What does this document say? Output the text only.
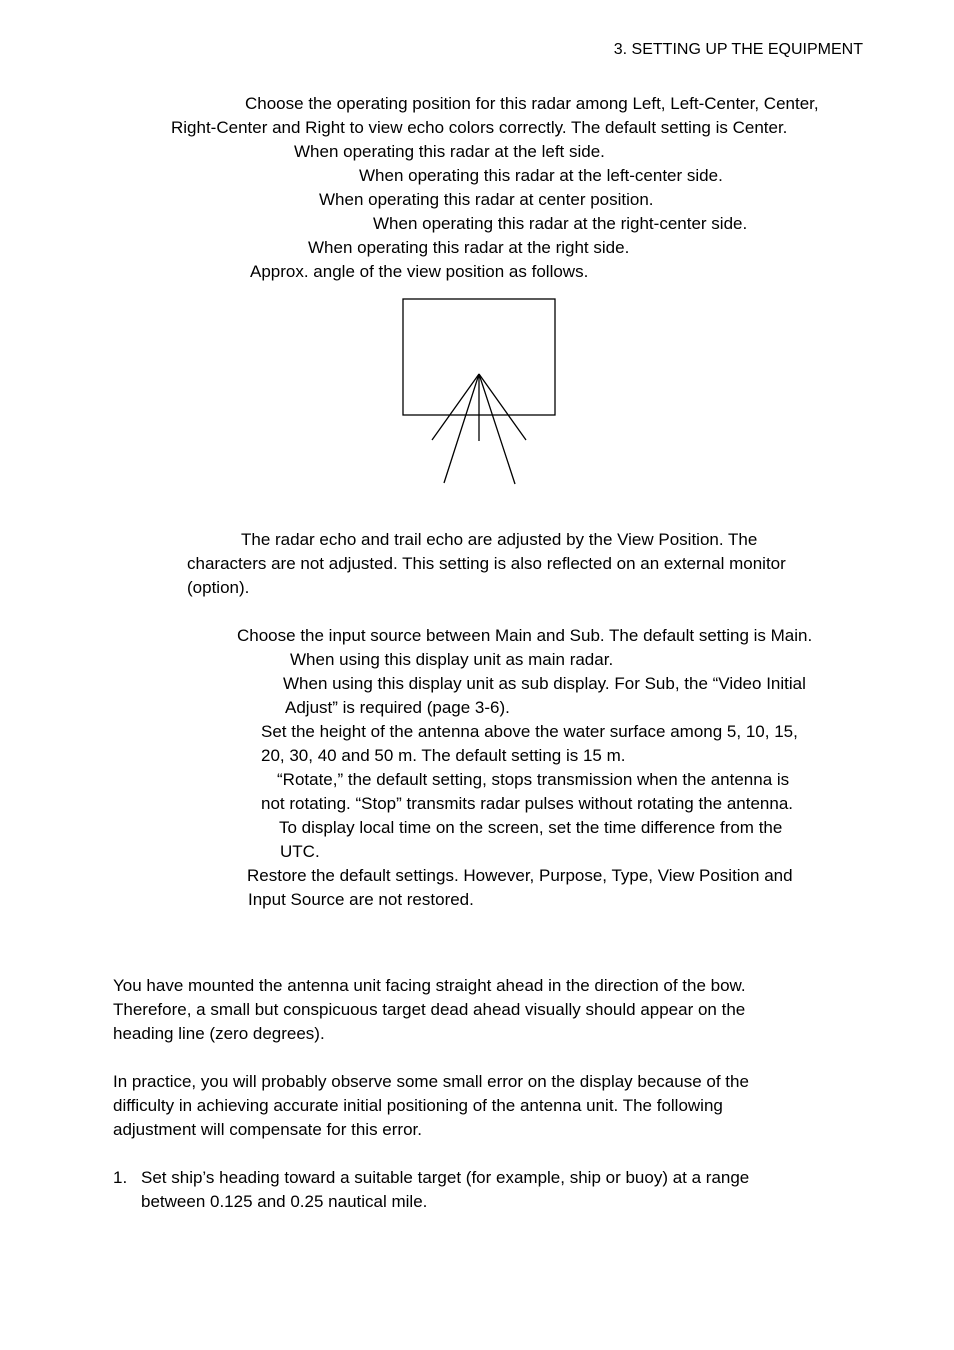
3. SETTING UP THE EQUIPMENT
Choose the operating position for this radar among Left, Left-Center, Center,
Right-Center and Right to view echo colors correctly. The default setting is Center.
When operating this radar at the left side.
When operating this radar at the left-center side.
When operating this radar at center position.
When operating this radar at the right-center side.
When operating this radar at the right side.
Approx. angle of the view position as follows.
The radar echo and trail echo are adjusted by the View Position. The
characters are not adjusted. This setting is also reflected on an external monitor
(option).
Choose the input source between Main and Sub. The default setting is Main.
When using this display unit as main radar.
When using this display unit as sub display. For Sub, the “Video Initial
Adjust” is required (page 3-6).
Set the height of the antenna above the water surface among 5, 10, 15,
20, 30, 40 and 50 m. The default setting is 15 m.
“Rotate,” the default setting, stops transmission when the antenna is
not rotating. “Stop” transmits radar pulses without rotating the antenna.
To display local time on the screen, set the time difference from the
UTC.
Restore the default settings. However, Purpose, Type, View Position and
Input Source are not restored.
You have mounted the antenna unit facing straight ahead in the direction of the bow.
Therefore, a small but conspicuous target dead ahead visually should appear on the
heading line (zero degrees).
In practice, you will probably observe some small error on the display because of the
difficulty in achieving accurate initial positioning of the antenna unit. The following
adjustment will compensate for this error.
1. Set ship’s heading toward a suitable target (for example, ship or buoy) at a range
between 0.125 and 0.25 nautical mile.
